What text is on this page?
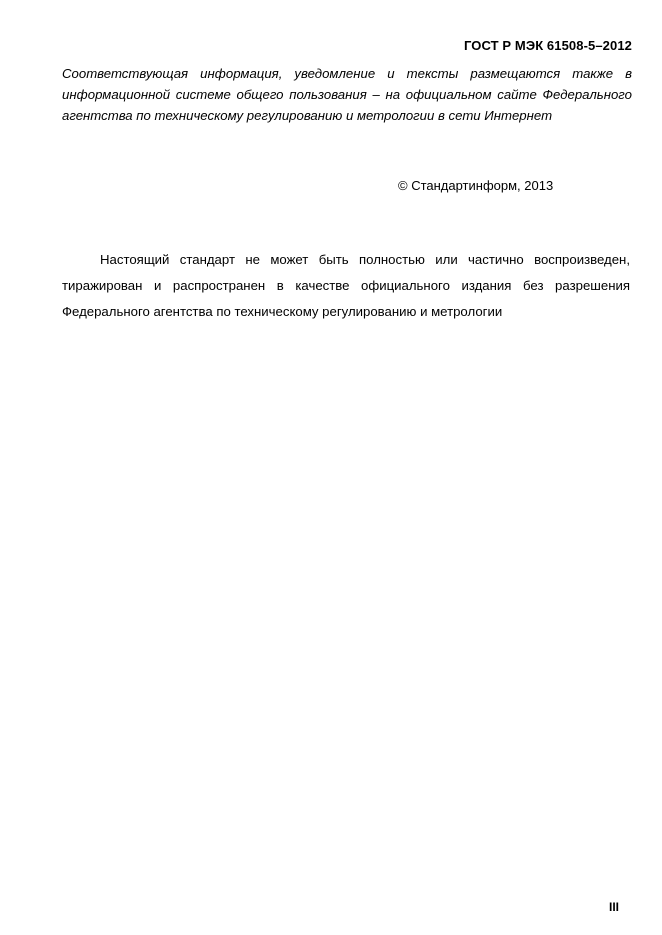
ГОСТ Р МЭК 61508-5–2012
Соответствующая информация, уведомление и тексты размещаются также в
информационной системе общего пользования – на официальном сайте Федерального
агентства по техническому регулированию и метрологии в сети Интернет
© Стандартинформ, 2013
Настоящий стандарт не может быть полностью или частично воспроизведен,
тиражирован и распространен в качестве официального издания без разрешения
Федерального агентства по техническому регулированию и метрологии
III
